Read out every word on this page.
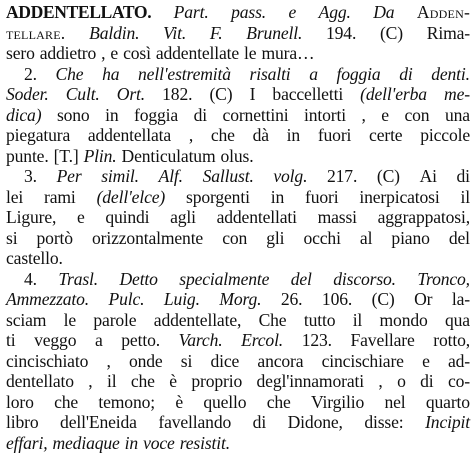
ADDENTELLATO. Part. pass. e Agg. Da Adden-
tellare. Baldin. Vit. F. Brunell. 194. (C) Rima-
sero addietro , e così addentellate le mura…
2. Che ha nell'estremità risalti a foggia di denti.
Soder. Cult. Ort. 182. (C) I baccelletti (dell'erba me-
dica) sono in foggia di cornettini intorti , e con una
piegatura addentellata , che dà in fuori certe piccole
punte. [T.] Plin. Denticulatum olus.
3. Per simil. Alf. Sallust. volg. 217. (C) Ai di
lei rami (dell'elce) sporgenti in fuori inerpicatosi il
Ligure, e quindi agli addentellati massi aggrappatosi,
si portò orizzontalmente con gli occhi al piano del
castello.
4. Trasl. Detto specialmente del discorso. Tronco,
Ammezzato. Pulc. Luig. Morg. 26. 106. (C) Or la-
sciam le parole addentellate, Che tutto il mondo qua
ti veggo a petto. Varch. Ercol. 123. Favellare rotto,
cincischiato , onde si dice ancora cincischiare e ad-
dentellato , il che è proprio degl'innamorati , o di co-
loro che temono; è quello che Virgilio nel quarto
libro dell'Eneida favellando di Didone, disse: Incipit
effari, mediaque in voce resistit.
